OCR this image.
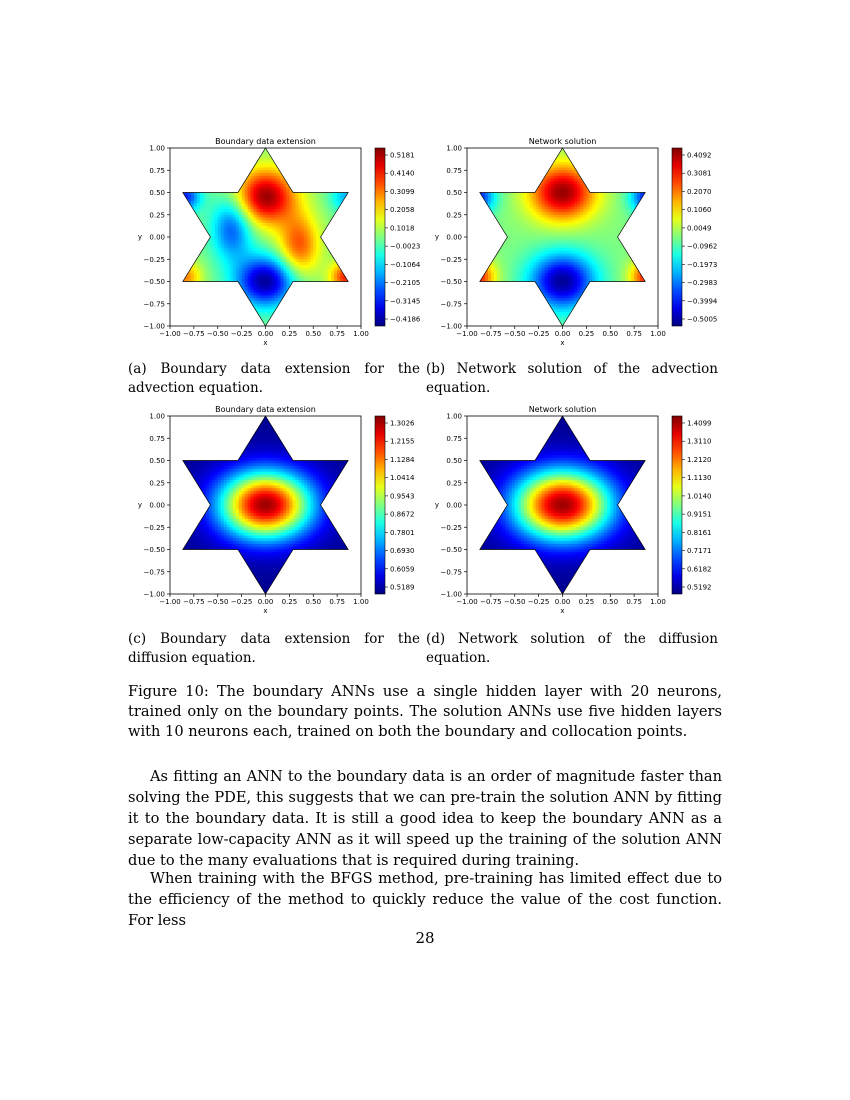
Boundary data extension
−1.00 −0.75 −0.50 −0.25 0.00 0.25 0.50 0.75 1.00
1.00
0.75
0.50
0.25
0.00
−0.25
−0.50
−0.75
−1.00
x
y
0.5181
0.4140
0.3099
0.2058
0.1018
−0.0023
−0.1064
−0.2105
−0.3145
−0.4186
Network solution
−1.00 −0.75 −0.50 −0.25 0.00 0.25 0.50 0.75 1.00
1.00
0.75
0.50
0.25
0.00
−0.25
−0.50
−0.75
−1.00
x
y
0.4092
0.3081
0.2070
0.1060
0.0049
−0.0962
−0.1973
−0.2983
−0.3994
−0.5005
Boundary data extension
−1.00 −0.75 −0.50 −0.25 0.00 0.25 0.50 0.75 1.00
1.00
0.75
0.50
0.25
0.00
−0.25
−0.50
−0.75
−1.00
x
y
1.3026
1.2155
1.1284
1.0414
0.9543
0.8672
0.7801
0.6930
0.6059
0.5189
Network solution
−1.00 −0.75 −0.50 −0.25 0.00 0.25 0.50 0.75 1.00
1.00
0.75
0.50
0.25
0.00
−0.25
−0.50
−0.75
−1.00
x
y
1.4099
1.3110
1.2120
1.1130
1.0140
0.9151
0.8161
0.7171
0.6182
0.5192
(a) Boundary data extension for the advection equation.
(b) Network solution of the advection equation.
(c) Boundary data extension for the diffusion equation.
(d) Network solution of the diffusion equation.
Figure 10: The boundary ANNs use a single hidden layer with 20 neurons, trained only on the boundary points. The solution ANNs use five hidden layers with 10 neurons each, trained on both the boundary and collocation points.

As fitting an ANN to the boundary data is an order of magnitude faster than solving the PDE, this suggests that we can pre-train the solution ANN by fitting it to the boundary data. It is still a good idea to keep the boundary ANN as a separate low-capacity ANN as it will speed up the training of the solution ANN due to the many evaluations that is required during training.

When training with the BFGS method, pre-training has limited effect due to the efficiency of the method to quickly reduce the value of the cost function. For less

28
